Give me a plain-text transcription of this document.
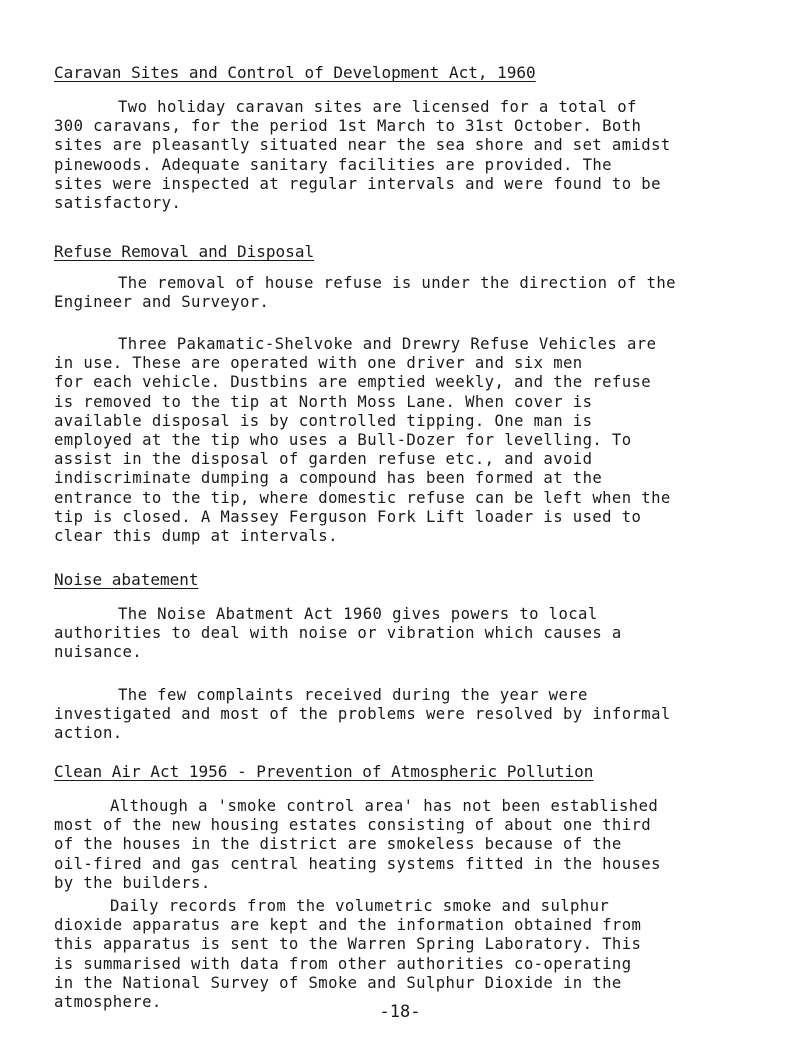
Caravan Sites and Control of Development Act, 1960

Two holiday caravan sites are licensed for a total of
300 caravans, for the period 1st March to 31st October. Both
sites are pleasantly situated near the sea shore and set amidst
pinewoods. Adequate sanitary facilities are provided. The
sites were inspected at regular intervals and were found to be
satisfactory.

Refuse Removal and Disposal

The removal of house refuse is under the direction of the
Engineer and Surveyor.

Three Pakamatic-Shelvoke and Drewry Refuse Vehicles are
in use. These are operated with one driver and six men
for each vehicle. Dustbins are emptied weekly, and the refuse
is removed to the tip at North Moss Lane. When cover is
available disposal is by controlled tipping. One man is
employed at the tip who uses a Bull-Dozer for levelling. To
assist in the disposal of garden refuse etc., and avoid
indiscriminate dumping a compound has been formed at the
entrance to the tip, where domestic refuse can be left when the
tip is closed. A Massey Ferguson Fork Lift loader is used to
clear this dump at intervals.

Noise abatement

The Noise Abatment Act 1960 gives powers to local
authorities to deal with noise or vibration which causes a
nuisance.

The few complaints received during the year were
investigated and most of the problems were resolved by informal
action.

Clean Air Act 1956 - Prevention of Atmospheric Pollution

Although a 'smoke control area' has not been established
most of the new housing estates consisting of about one third
of the houses in the district are smokeless because of the
oil-fired and gas central heating systems fitted in the houses
by the builders.

Daily records from the volumetric smoke and sulphur
dioxide apparatus are kept and the information obtained from
this apparatus is sent to the Warren Spring Laboratory. This
is summarised with data from other authorities co-operating
in the National Survey of Smoke and Sulphur Dioxide in the
atmosphere.	-18-
